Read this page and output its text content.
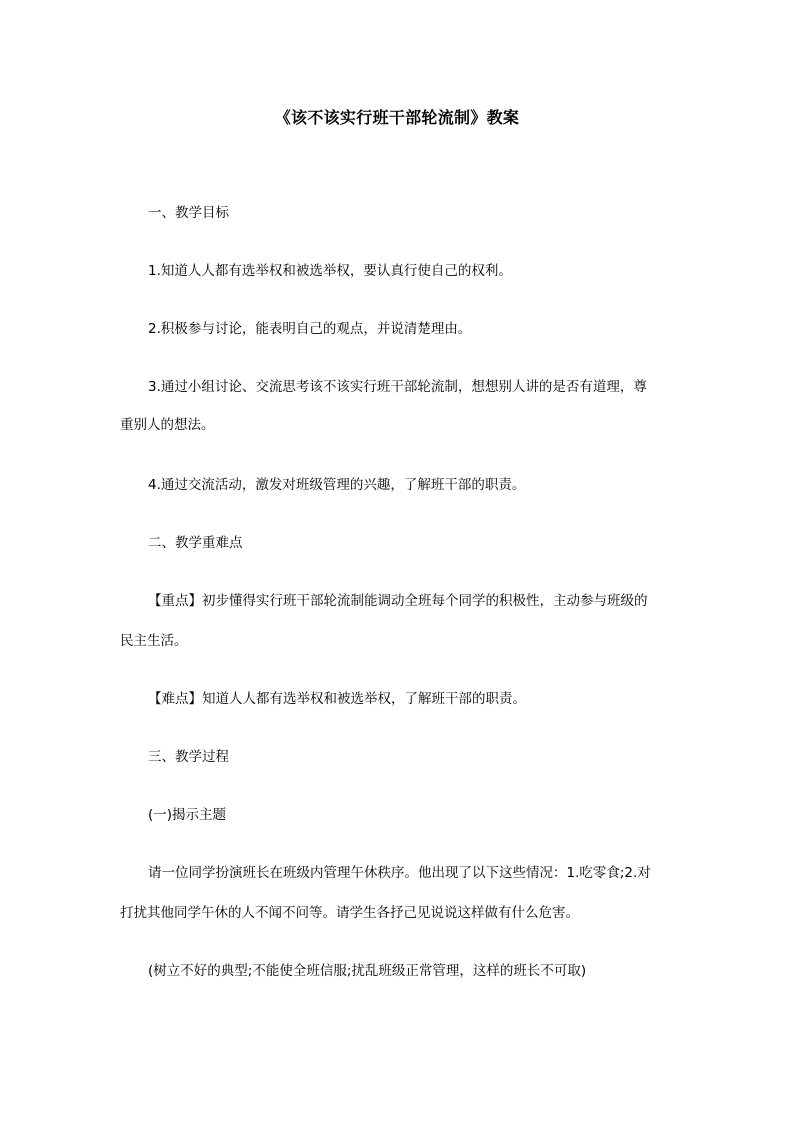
《该不该实行班干部轮流制》教案
一、教学目标
1.知道人人都有选举权和被选举权，要认真行使自己的权利。
2.积极参与讨论，能表明自己的观点，并说清楚理由。
3.通过小组讨论、交流思考该不该实行班干部轮流制，想想别人讲的是否有道理，尊
重别人的想法。
4.通过交流活动，激发对班级管理的兴趣，了解班干部的职责。
二、教学重难点
【重点】初步懂得实行班干部轮流制能调动全班每个同学的积极性，主动参与班级的
民主生活。
【难点】知道人人都有选举权和被选举权，了解班干部的职责。
三、教学过程
(一)揭示主题
请一位同学扮演班长在班级内管理午休秩序。他出现了以下这些情况：1.吃零食;2.对
打扰其他同学午休的人不闻不问等。请学生各抒己见说说这样做有什么危害。
(树立不好的典型;不能使全班信服;扰乱班级正常管理，这样的班长不可取)
